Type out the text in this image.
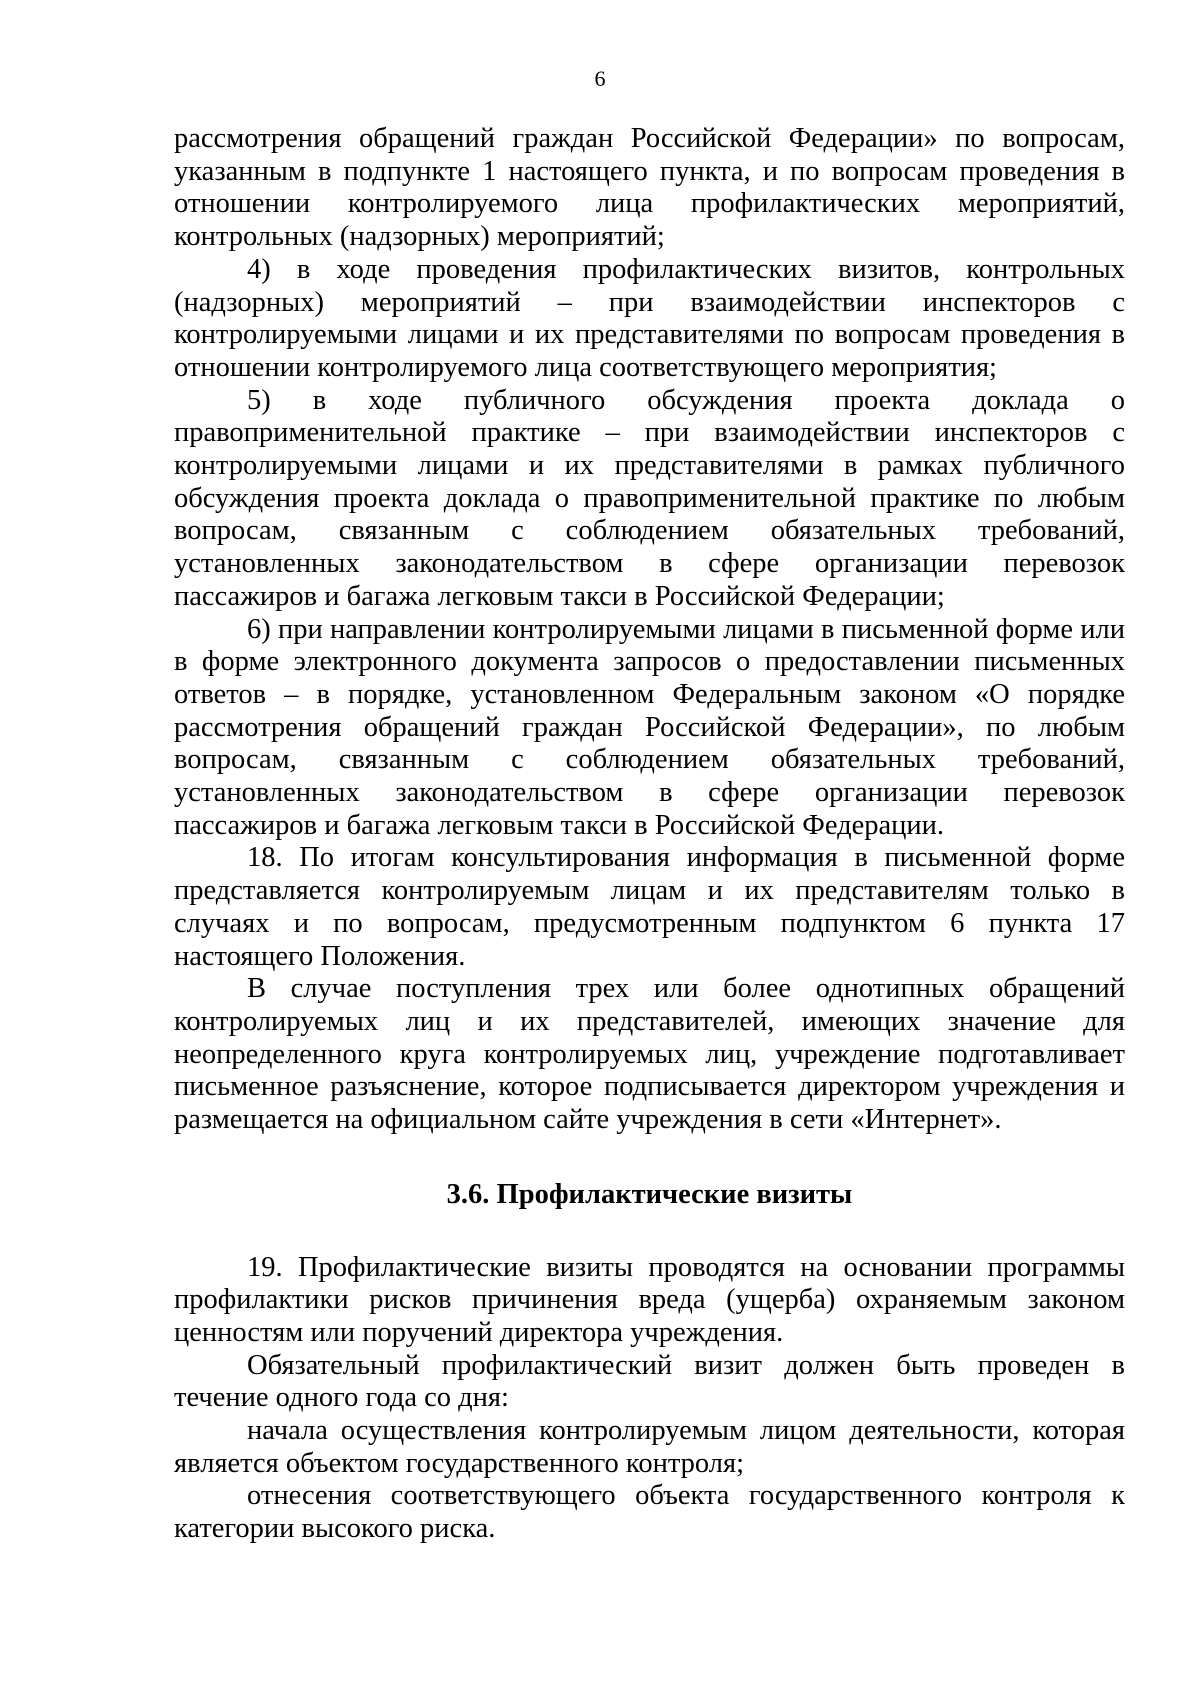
6

рассмотрения обращений граждан Российской Федерации» по вопросам, указанным в подпункте 1 настоящего пункта, и по вопросам проведения в отношении контролируемого лица профилактических мероприятий, контрольных (надзорных) мероприятий;

4) в ходе проведения профилактических визитов, контрольных (надзорных) мероприятий – при взаимодействии инспекторов с контролируемыми лицами и их представителями по вопросам проведения в отношении контролируемого лица соответствующего мероприятия;

5) в ходе публичного обсуждения проекта доклада о правоприменительной практике – при взаимодействии инспекторов с контролируемыми лицами и их представителями в рамках публичного обсуждения проекта доклада о правоприменительной практике по любым вопросам, связанным с соблюдением обязательных требований, установленных законодательством в сфере организации перевозок пассажиров и багажа легковым такси в Российской Федерации;

6) при направлении контролируемыми лицами в письменной форме или в форме электронного документа запросов о предоставлении письменных ответов – в порядке, установленном Федеральным законом «О порядке рассмотрения обращений граждан Российской Федерации», по любым вопросам, связанным с соблюдением обязательных требований, установленных законодательством в сфере организации перевозок пассажиров и багажа легковым такси в Российской Федерации.

18. По итогам консультирования информация в письменной форме представляется контролируемым лицам и их представителям только в случаях и по вопросам, предусмотренным подпунктом 6 пункта 17 настоящего Положения.

В случае поступления трех или более однотипных обращений контролируемых лиц и их представителей, имеющих значение для неопределенного круга контролируемых лиц, учреждение подготавливает письменное разъяснение, которое подписывается директором учреждения и размещается на официальном сайте учреждения в сети «Интернет».

3.6. Профилактические визиты

19. Профилактические визиты проводятся на основании программы профилактики рисков причинения вреда (ущерба) охраняемым законом ценностям или поручений директора учреждения.

Обязательный профилактический визит должен быть проведен в течение одного года со дня:

начала осуществления контролируемым лицом деятельности, которая является объектом государственного контроля;

отнесения соответствующего объекта государственного контроля к категории высокого риска.
